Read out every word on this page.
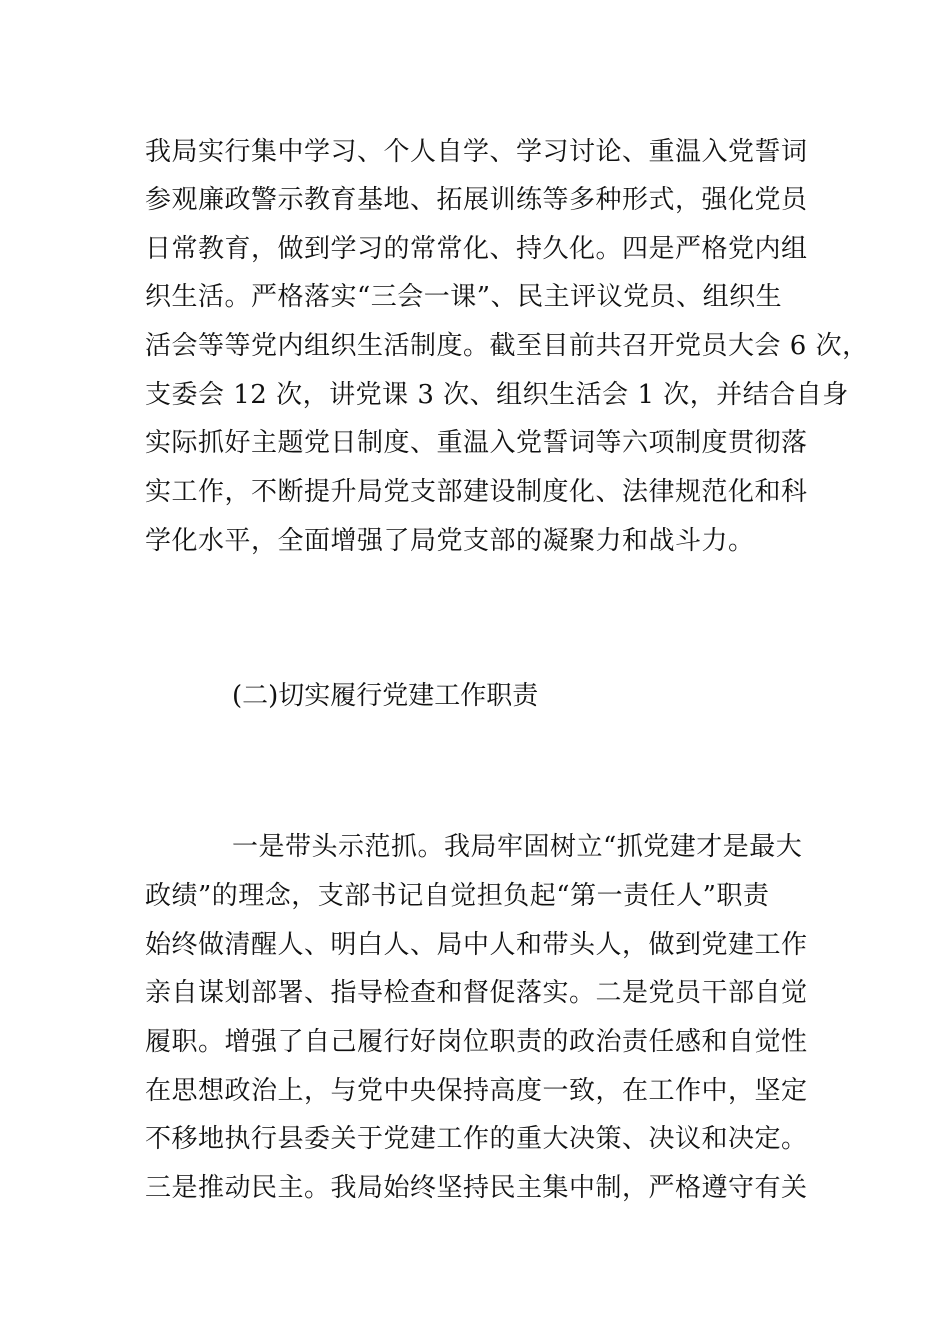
我局实行集中学习、个人自学、学习讨论、重温入党誓词
参观廉政警示教育基地、拓展训练等多种形式，强化党员
日常教育，做到学习的常常化、持久化。四是严格党内组
织生活。严格落实“三会一课”、民主评议党员、组织生
活会等等党内组织生活制度。截至目前共召开党员大会 6 次，
支委会 12 次，讲党课 3 次、组织生活会 1 次，并结合自身
实际抓好主题党日制度、重温入党誓词等六项制度贯彻落
实工作，不断提升局党支部建设制度化、法律规范化和科
学化水平，全面增强了局党支部的凝聚力和战斗力。
(二)切实履行党建工作职责
一是带头示范抓。我局牢固树立“抓党建才是最大
政绩”的理念，支部书记自觉担负起“第一责任人”职责
始终做清醒人、明白人、局中人和带头人，做到党建工作
亲自谋划部署、指导检查和督促落实。二是党员干部自觉
履职。增强了自己履行好岗位职责的政治责任感和自觉性
在思想政治上，与党中央保持高度一致，在工作中，坚定
不移地执行县委关于党建工作的重大决策、决议和决定。
三是推动民主。我局始终坚持民主集中制，严格遵守有关
